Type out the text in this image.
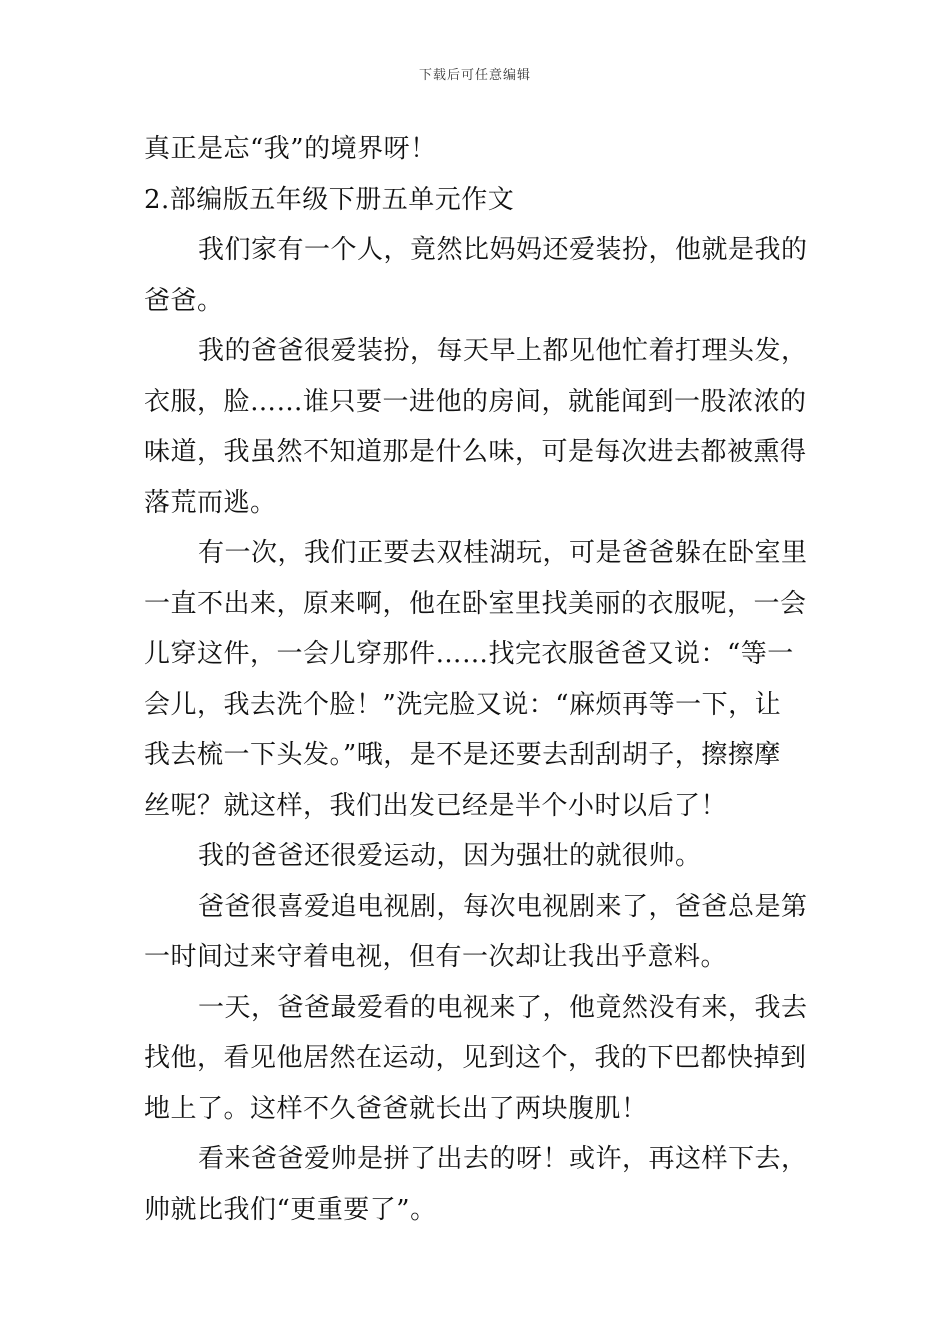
下载后可任意编辑
真正是忘“我”的境界呀！
2.部编版五年级下册五单元作文
我们家有一个人，竟然比妈妈还爱装扮，他就是我的
爸爸。
我的爸爸很爱装扮，每天早上都见他忙着打理头发，
衣服，脸……谁只要一进他的房间，就能闻到一股浓浓的
味道，我虽然不知道那是什么味，可是每次进去都被熏得
落荒而逃。
有一次，我们正要去双桂湖玩，可是爸爸躲在卧室里
一直不出来，原来啊，他在卧室里找美丽的衣服呢，一会
儿穿这件，一会儿穿那件……找完衣服爸爸又说：“等一
会儿，我去洗个脸！”洗完脸又说：“麻烦再等一下，让
我去梳一下头发。”哦，是不是还要去刮刮胡子，擦擦摩
丝呢？就这样，我们出发已经是半个小时以后了！
我的爸爸还很爱运动，因为强壮的就很帅。
爸爸很喜爱追电视剧，每次电视剧来了，爸爸总是第
一时间过来守着电视，但有一次却让我出乎意料。
一天，爸爸最爱看的电视来了，他竟然没有来，我去
找他，看见他居然在运动，见到这个，我的下巴都快掉到
地上了。这样不久爸爸就长出了两块腹肌！
看来爸爸爱帅是拼了出去的呀！或许，再这样下去，
帅就比我们“更重要了”。
